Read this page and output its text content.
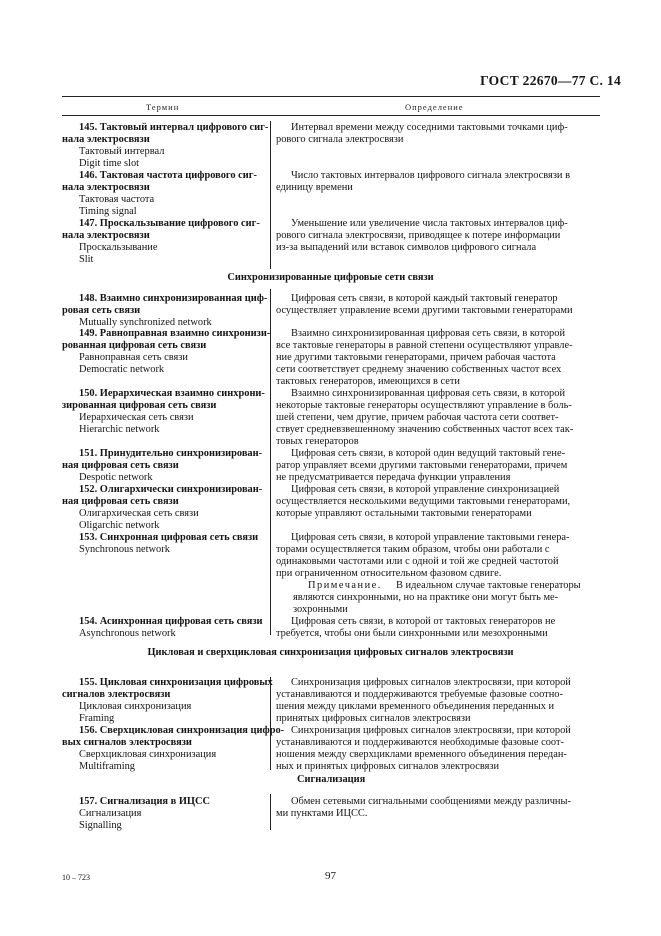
ГОСТ 22670—77 С. 14
Термин	Определение
145. Тактовый интервал цифрового сиг-
нала электросвязи
Тактовый интервал
Digit time slot
Интервал времени между соседними тактовыми точками циф-
рового сигнала электросвязи
146. Тактовая частота цифрового сиг-
нала электросвязи
Тактовая частота
Timing signal
Число тактовых интервалов цифрового сигнала электросвязи в
единицу времени
147. Проскальзывание цифрового сиг-
нала электросвязи
Проскальзывание
Slit
Уменьшение или увеличение числа тактовых интервалов циф-
рового сигнала электросвязи, приводящее к потере информации
из-за выпадений или вставок символов цифрового сигнала
Синхронизированные цифровые сети связи
148. Взаимно синхронизированная циф-
ровая сеть связи
Mutually synchronized network
Цифровая сеть связи, в которой каждый тактовый генератор
осуществляет управление всеми другими тактовыми генераторами
149. Равноправная взаимно синхронизи-
рованная цифровая сеть связи
Равноправная сеть связи
Democratic network
Взаимно синхронизированная цифровая сеть связи, в которой
все тактовые генераторы в равной степени осуществляют управле-
ние другими тактовыми генераторами, причем рабочая частота
сети соответствует среднему значению собственных частот всех
тактовых генераторов, имеющихся в сети
150. Иерархическая взаимно синхрони-
зированная цифровая сеть связи
Иерархическая сеть связи
Hierarchic network
Взаимно синхронизированная цифровая сеть связи, в которой
некоторые тактовые генераторы осуществляют управление в боль-
шей степени, чем другие, причем рабочая частота сети соответ-
ствует средневзвешенному значению собственных частот всех так-
товых генераторов
151. Принудительно синхронизирован-
ная цифровая сеть связи
Despotic network
Цифровая сеть связи, в которой один ведущий тактовый гене-
ратор управляет всеми другими тактовыми генераторами, причем
не предусматривается передача функции управления
152. Олигархически синхронизирован-
ная цифровая сеть связи
Олигархическая сеть связи
Oligarchic network
Цифровая сеть связи, в которой управление синхронизацией
осуществляется несколькими ведущими тактовыми генераторами,
которые управляют остальными тактовыми генераторами
153. Синхронная цифровая сеть связи
Synchronous network
Цифровая сеть связи, в которой управление тактовыми генера-
торами осуществляется таким образом, чтобы они работали с
одинаковыми частотами или с одной и той же средней частотой
при ограниченном относительном фазовом сдвиге.
Примечание. В идеальном случае тактовые генераторы
являются синхронными, но на практике они могут быть ме-
зохронными
154. Асинхронная цифровая сеть связи
Asynchronous network
Цифровая сеть связи, в которой от тактовых генераторов не
требуется, чтобы они были синхронными или мезохронными
Цикловая и сверхцикловая синхронизация цифровых сигналов электросвязи
155. Цикловая синхронизация цифровых
сигналов электросвязи
Цикловая синхронизация
Framing
Синхронизация цифровых сигналов электросвязи, при которой
устанавливаются и поддерживаются требуемые фазовые соотно-
шения между циклами временного объединения переданных и
принятых цифровых сигналов электросвязи
156. Сверхцикловая синхронизация цифро-
вых сигналов электросвязи
Сверхцикловая синхронизация
Multiframing
Синхронизация цифровых сигналов электросвязи, при которой
устанавливаются и поддерживаются необходимые фазовые соот-
ношения между сверхциклами временного объединения передан-
ных и принятых цифровых сигналов электросвязи
Сигнализация
157. Сигнализация в ИЦСС
Сигнализация
Signalling
Обмен сетевыми сигнальными сообщениями между различны-
ми пунктами ИЦСС.
10 – 723	97
